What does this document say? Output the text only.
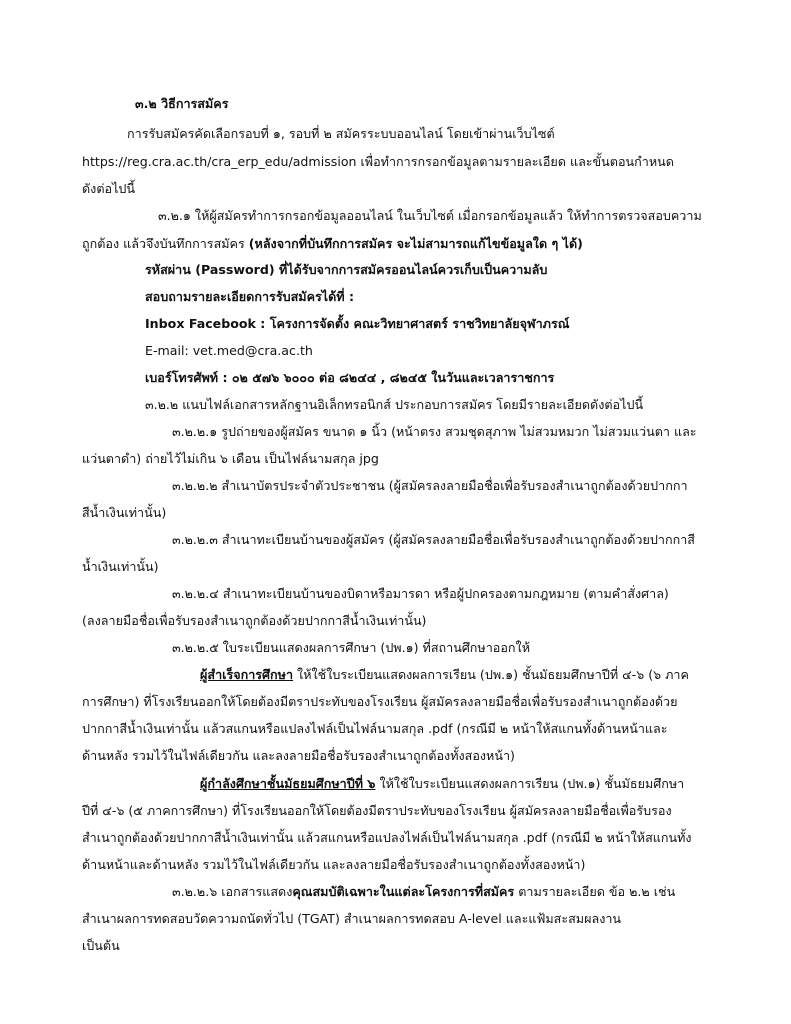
๓.๒ วิธีการสมัคร
การรับสมัครคัดเลือกรอบที่ ๑, รอบที่ ๒ สมัครระบบออนไลน์ โดยเข้าผ่านเว็บไซต์
https://reg.cra.ac.th/cra_erp_edu/admission เพื่อทำการกรอกข้อมูลตามรายละเอียด และขั้นตอนกำหนด
ดังต่อไปนี้
๓.๒.๑ ให้ผู้สมัครทำการกรอกข้อมูลออนไลน์ ในเว็บไซต์ เมื่อกรอกข้อมูลแล้ว ให้ทำการตรวจสอบความ
ถูกต้อง แล้วจึงบันทึกการสมัคร (หลังจากที่บันทึกการสมัคร จะไม่สามารถแก้ไขข้อมูลใด ๆ ได้)
รหัสผ่าน (Password) ที่ได้รับจากการสมัครออนไลน์ควรเก็บเป็นความลับ
สอบถามรายละเอียดการรับสมัครได้ที่ :
Inbox Facebook : โครงการจัดตั้ง คณะวิทยาศาสตร์ ราชวิทยาลัยจุฬาภรณ์
E-mail: vet.med@cra.ac.th
เบอร์โทรศัพท์ : ๐๒ ๕๗๖ ๖๐๐๐ ต่อ ๘๒๔๔ , ๘๒๔๕ ในวันและเวลาราชการ
๓.๒.๒ แนบไฟล์เอกสารหลักฐานอิเล็กทรอนิกส์ ประกอบการสมัคร โดยมีรายละเอียดดังต่อไปนี้
๓.๒.๒.๑ รูปถ่ายของผู้สมัคร ขนาด ๑ นิ้ว (หน้าตรง สวมชุดสุภาพ ไม่สวมหมวก ไม่สวมแว่นตา และ
แว่นตาดำ) ถ่ายไว้ไม่เกิน ๖ เดือน เป็นไฟล์นามสกุล jpg
๓.๒.๒.๒ สำเนาบัตรประจำตัวประชาชน (ผู้สมัครลงลายมือชื่อเพื่อรับรองสำเนาถูกต้องด้วยปากกา
สีน้ำเงินเท่านั้น)
๓.๒.๒.๓ สำเนาทะเบียนบ้านของผู้สมัคร (ผู้สมัครลงลายมือชื่อเพื่อรับรองสำเนาถูกต้องด้วยปากกาสี
น้ำเงินเท่านั้น)
๓.๒.๒.๔ สำเนาทะเบียนบ้านของบิดาหรือมารดา หรือผู้ปกครองตามกฎหมาย (ตามคำสั่งศาล)
(ลงลายมือชื่อเพื่อรับรองสำเนาถูกต้องด้วยปากกาสีน้ำเงินเท่านั้น)
๓.๒.๒.๕ ใบระเบียนแสดงผลการศึกษา (ปพ.๑) ที่สถานศึกษาออกให้
ผู้สำเร็จการศึกษา ให้ใช้ใบระเบียนแสดงผลการเรียน (ปพ.๑) ชั้นมัธยมศึกษาปีที่ ๔-๖ (๖ ภาค
การศึกษา) ที่โรงเรียนออกให้โดยต้องมีตราประทับของโรงเรียน ผู้สมัครลงลายมือชื่อเพื่อรับรองสำเนาถูกต้องด้วย
ปากกาสีน้ำเงินเท่านั้น แล้วสแกนหรือแปลงไฟล์เป็นไฟล์นามสกุล .pdf (กรณีมี ๒ หน้าให้สแกนทั้งด้านหน้าและ
ด้านหลัง รวมไว้ในไฟล์เดียวกัน และลงลายมือชื่อรับรองสำเนาถูกต้องทั้งสองหน้า)
ผู้กำลังศึกษาชั้นมัธยมศึกษาปีที่ ๖ ให้ใช้ใบระเบียนแสดงผลการเรียน (ปพ.๑) ชั้นมัธยมศึกษา
ปีที่ ๔-๖ (๕ ภาคการศึกษา) ที่โรงเรียนออกให้โดยต้องมีตราประทับของโรงเรียน ผู้สมัครลงลายมือชื่อเพื่อรับรอง
สำเนาถูกต้องด้วยปากกาสีน้ำเงินเท่านั้น แล้วสแกนหรือแปลงไฟล์เป็นไฟล์นามสกุล .pdf (กรณีมี ๒ หน้าให้สแกนทั้ง
ด้านหน้าและด้านหลัง รวมไว้ในไฟล์เดียวกัน และลงลายมือชื่อรับรองสำเนาถูกต้องทั้งสองหน้า)
๓.๒.๒.๖ เอกสารแสดงคุณสมบัติเฉพาะในแต่ละโครงการที่สมัคร ตามรายละเอียด ข้อ ๒.๒ เช่น
สำเนาผลการทดสอบวัดความถนัดทั่วไป (TGAT) สำเนาผลการทดสอบ A-level และแฟ้มสะสมผลงาน
เป็นต้น
